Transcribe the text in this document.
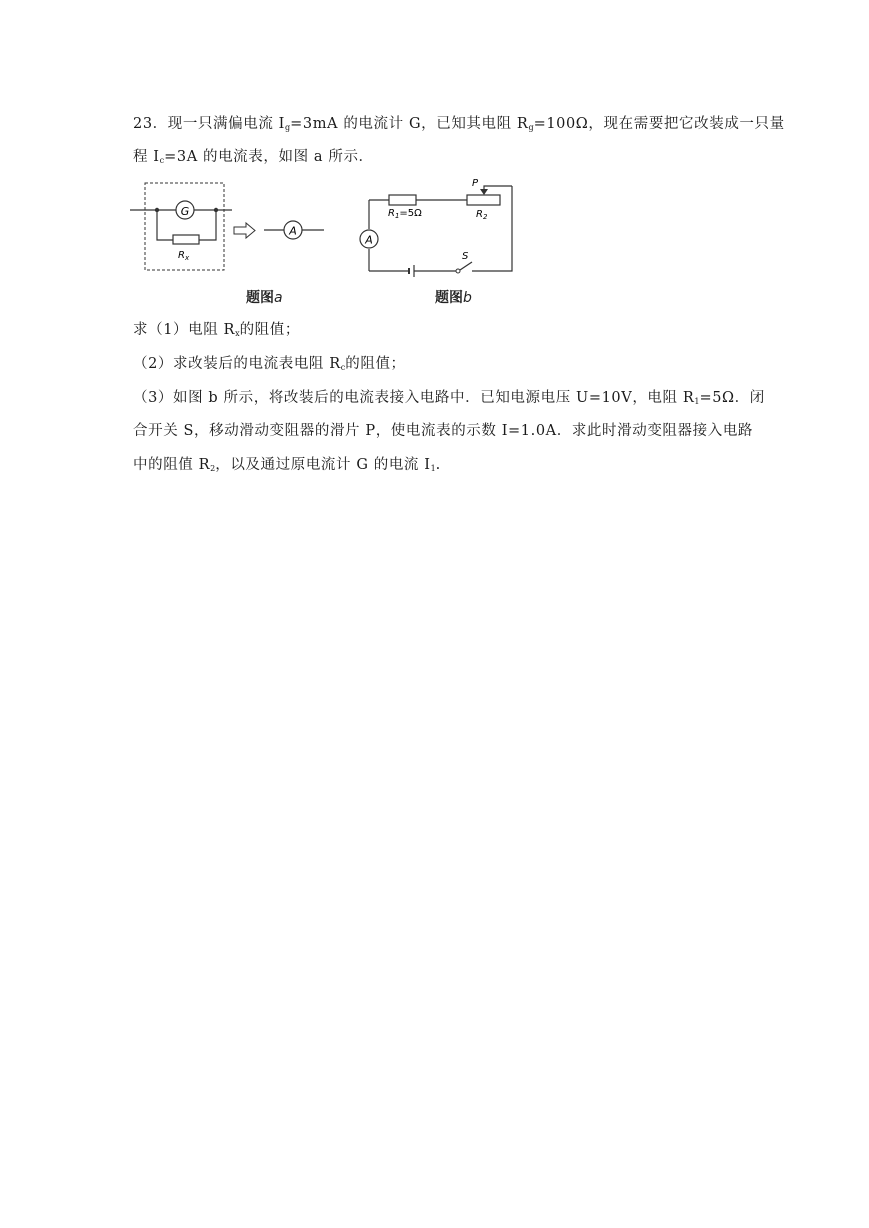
23．现一只满偏电流 $I_g=3mA$ 的电流计 G，已知其电阻 $R_g=100\Omega$，现在需要把它改装成一只量
程 $I_c=3A$ 的电流表，如图 a 所示．
G
$R_x$
A
题图a
$R_1=5\Omega$	$R_2$
P
S
A
题图b
求（1）电阻 $R_x$的阻值；
（2）求改装后的电流表电阻 $R_c$的阻值；
（3）如图 b 所示，将改装后的电流表接入电路中．已知电源电压 U=10V，电阻 $R_1=5\Omega$．闭
合开关 S，移动滑动变阻器的滑片 P，使电流表的示数 I=1.0A．求此时滑动变阻器接入电路
中的阻值 $R_2$，以及通过原电流计 G 的电流 $I_1$.
